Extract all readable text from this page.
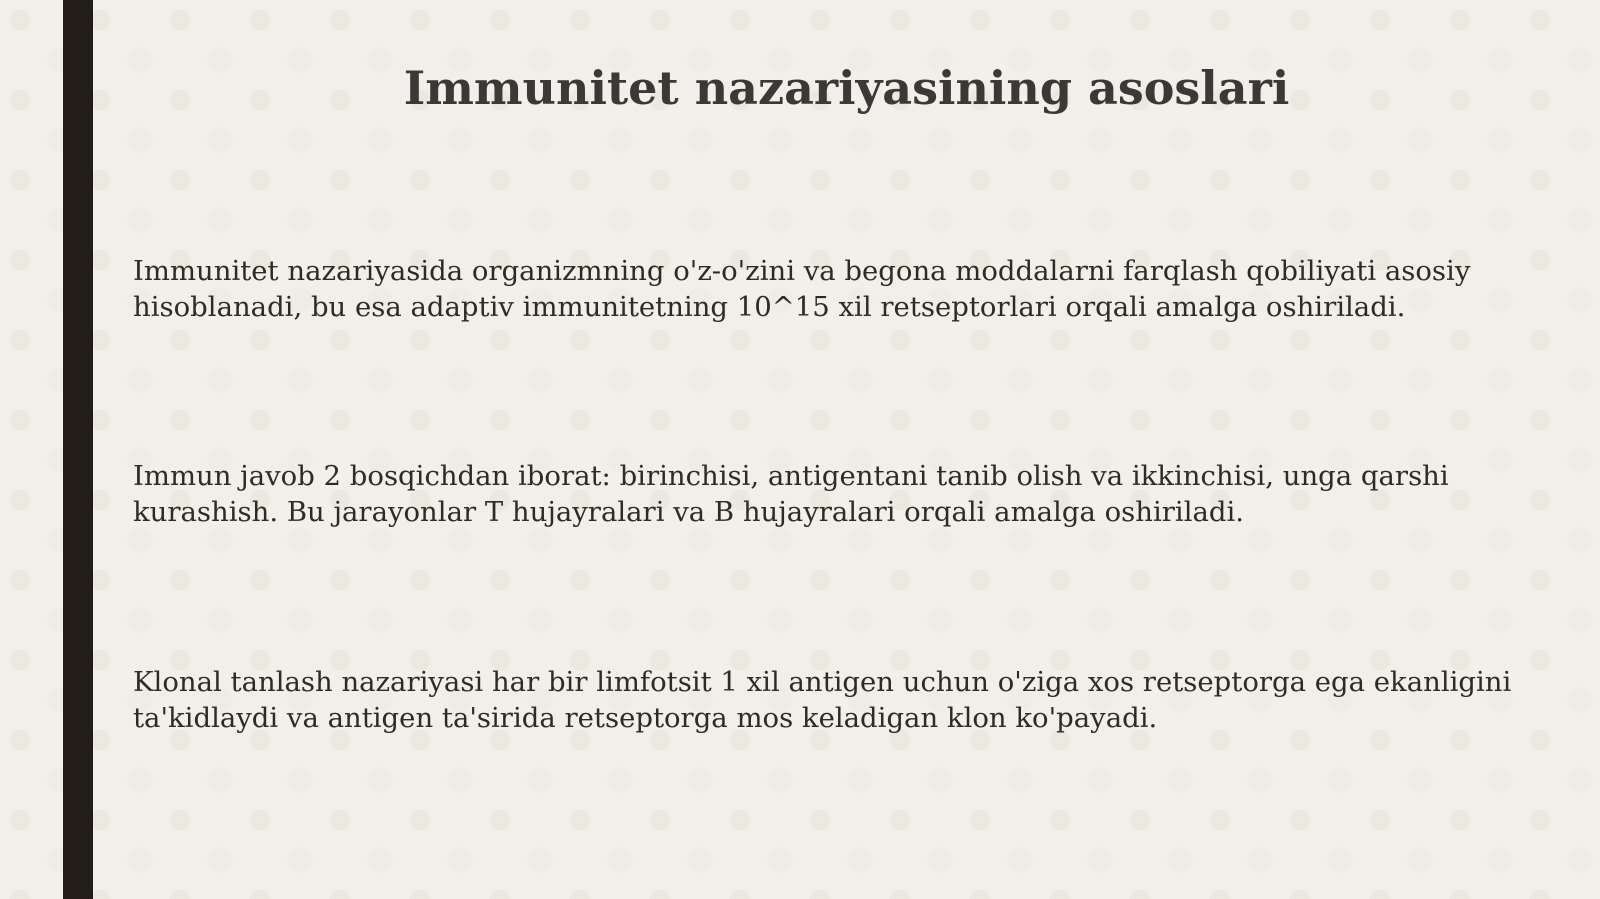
Immunitet nazariyasining asoslari

Immunitet nazariyasida organizmning o'z-o'zini va begona moddalarni farqlash qobiliyati asosiy hisoblanadi, bu esa adaptiv immunitetning 10^15 xil retseptorlari orqali amalga oshiriladi.

Immun javob 2 bosqichdan iborat: birinchisi, antigentani tanib olish va ikkinchisi, unga qarshi kurashish. Bu jarayonlar T hujayralari va B hujayralari orqali amalga oshiriladi.

Klonal tanlash nazariyasi har bir limfotsit 1 xil antigen uchun o'ziga xos retseptorga ega ekanligini ta'kidlaydi va antigen ta'sirida retseptorga mos keladigan klon ko'payadi.
